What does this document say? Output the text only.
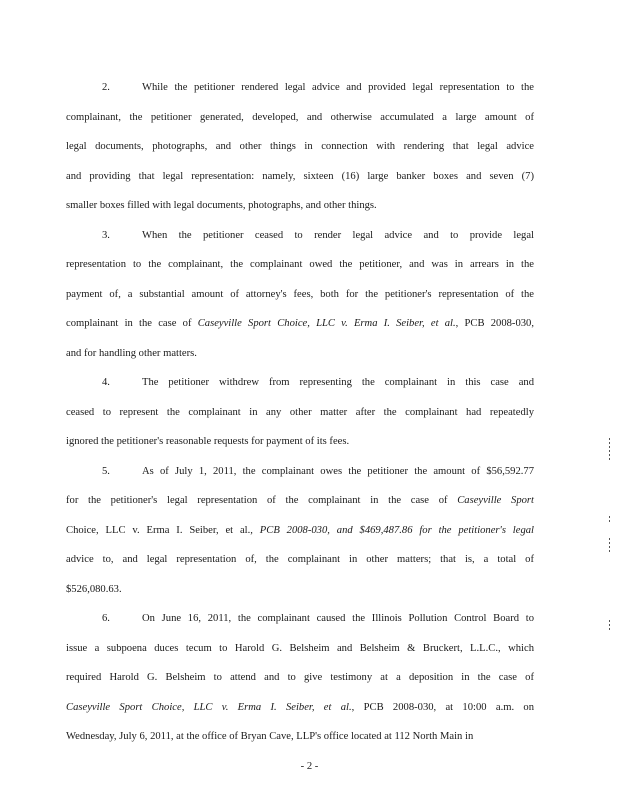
2.	While the petitioner rendered legal advice and provided legal representation to the
complainant, the petitioner generated, developed, and otherwise accumulated a large amount of
legal documents, photographs, and other things in connection with rendering that legal advice
and providing that legal representation: namely, sixteen (16) large banker boxes and seven (7)
smaller boxes filled with legal documents, photographs, and other things.
3.	When the petitioner ceased to render legal advice and to provide legal
representation to the complainant, the complainant owed the petitioner, and was in arrears in the
payment of, a substantial amount of attorney's fees, both for the petitioner's representation of the
complainant in the case of Caseyville Sport Choice, LLC v. Erma I. Seiber, et al., PCB 2008-030,
and for handling other matters.
4.	The petitioner withdrew from representing the complainant in this case and
ceased to represent the complainant in any other matter after the complainant had repeatedly
ignored the petitioner's reasonable requests for payment of its fees.
5.	As of July 1, 2011, the complainant owes the petitioner the amount of $56,592.77
for the petitioner's legal representation of the complainant in the case of Caseyville Sport
Choice, LLC v. Erma I. Seiber, et al., PCB 2008-030, and $469,487.86 for the petitioner's legal
advice to, and legal representation of, the complainant in other matters; that is, a total of
$526,080.63.
6.	On June 16, 2011, the complainant caused the Illinois Pollution Control Board to
issue a subpoena duces tecum to Harold G. Belsheim and Belsheim & Bruckert, L.L.C., which
required Harold G. Belsheim to attend and to give testimony at a deposition in the case of
Caseyville Sport Choice, LLC v. Erma I. Seiber, et al., PCB 2008-030, at 10:00 a.m. on
Wednesday, July 6, 2011, at the office of Bryan Cave, LLP's office located at 112 North Main in
- 2 -
